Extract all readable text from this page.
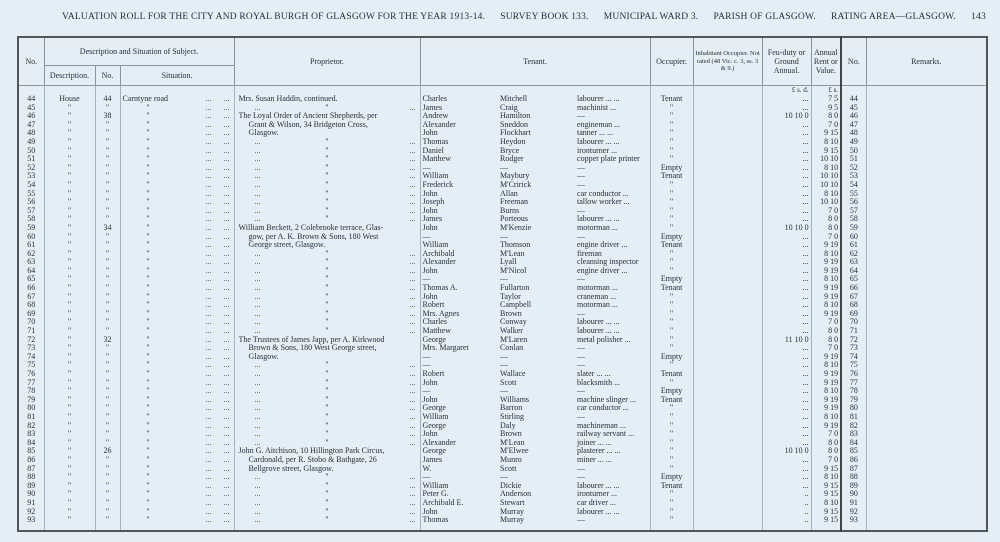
VALUATION ROLL FOR THE CITY AND ROYAL BURGH OF GLASGOW FOR THE YEAR 1913-14. SURVEY BOOK 133. MUNICIPAL WARD 3. PARISH OF GLASGOW. RATING AREA—GLASGOW. 143
No.	Description and Situation of Subject.			Proprietor.	Tenant.			Occupier.	Inhabitant Occupier. Not rated (48 Vic. c. 3, ss. 3 & 9.)	Feu-duty or Ground Annual.	Annual Rent or Value.	No.	Remarks.
	Description.	No.	Situation.										
										£ s. d.	£ s.		
44	House	44	Carntyne road ...	Mrs. Susan Haddin, continued.	Charles	Mitchell	labourer ... ...	Tenant		...	7 5	44	
45	"	"	" ...	... " ...	James	Craig	machinist ...	"		...	9 5	45	
46	"	38	" ...	The Loyal Order of Ancient Shepherds, per	Andrew	Hamilton	—	"		10 10 0	8 0	46	
47	"	"	" ...	Grant & Wilson, 34 Bridgeton Cross,	Alexander	Sneddon	engineman ...	"		...	7 0	47	
48	"	"	" ...	Glasgow.	John	Flockhart	tanner ... ...	"		...	9 15	48	
49	"	"	" ...	... " ...	Thomas	Heydon	labourer ... ...	"		...	8 10	49	
50	"	"	" ...	... " ...	Daniel	Bryce	ironturner ...	"		...	9 15	50	
51	"	"	" ...	... " ...	Matthew	Rodger	copper plate printer	"		...	10 10	51	
52	"	"	" ...	... " ...	—	—	—	Empty		...	8 10	52	
53	"	"	" ...	... " ...	William	Maybury	—	Tenant		...	10 10	53	
54	"	"	" ...	... " ...	Frederick	M'Cririck	—	"		...	10 10	54	
55	"	"	" ...	... " ...	John	Allan	car conductor ...	"		...	8 10	55	
56	"	"	" ...	... " ...	Joseph	Freeman	tallow worker ...	"		...	10 10	56	
57	"	"	" ...	... " ...	John	Burns	—	"		...	7 0	57	
58	"	"	" ...	... " ...	James	Porteous	labourer ... ...	"		...	8 0	58	
59	"	34	" ...	William Beckett, 2 Colebrooke terrace, Glas-	John	M'Kenzie	motorman ...	"		10 10 0	8 0	59	
60	"	"	" ...	gow, per A. K. Brown & Sons, 180 West	—	—	—	Empty		...	7 0	60	
61	"	"	" ...	George street, Glasgow.	William	Thomson	engine driver ...	Tenant		...	9 19	61	
62	"	"	" ...	... " ...	Archibald	M'Lean	fireman	"		...	8 10	62	
63	"	"	" ...	... " ...	Alexander	Lyall	cleansing inspector	"		...	9 19	63	
64	"	"	" ...	... " ...	John	M'Nicol	engine driver ...	"		...	9 19	64	
65	"	"	" ...	... " ...	—	—	—	Empty		...	8 10	65	
66	"	"	" ...	... " ...	Thomas A.	Fullarton	motorman ...	Tenant		...	9 19	66	
67	"	"	" ...	... " ...	John	Taylor	craneman ...	"		...	9 19	67	
68	"	"	" ...	... " ...	Robert	Campbell	motorman ...	"		...	8 10	68	
69	"	"	" ...	... " ...	Mrs. Agnes	Brown	—	"		...	9 19	69	
70	"	"	" ...	... " ...	Charles	Conway	labourer ... ...	"		...	7 0	70	
71	"	"	" ...	... " ...	Matthew	Walker	labourer ... ...	"		...	8 0	71	
72	"	32	" ...	The Trustees of James Japp, per A. Kirkwood	George	M'Laren	metal polisher ...	"		11 10 0	8 0	72	
73	"	"	" ...	Brown & Sons, 180 West George street,	Mrs. Margaret	Conlan	—	"		...	7 0	73	
74	"	"	" ...	Glasgow.	—	—	—	Empty		...	9 19	74	
75	"	"	" ...	... " ...	—	—	—	"		...	8 10	75	
76	"	"	" ...	... " ...	Robert	Wallace	slater ... ...	Tenant		...	9 19	76	
77	"	"	" ...	... " ...	John	Scott	blacksmith ...	"		...	9 19	77	
78	"	"	" ...	... " ...	—	—	—	Empty		...	8 10	78	
79	"	"	" ...	... " ...	John	Williams	machine slinger ...	Tenant		...	9 19	79	
80	"	"	" ...	... " ...	George	Barron	car conductor ...	"		...	9 19	80	
81	"	"	" ...	... " ...	William	Stirling	—	"		...	8 10	81	
82	"	"	" ...	... " ...	George	Daly	machineman ...	"		...	9 19	82	
83	"	"	" ...	... " ...	John	Brown	railway servant ...	"		...	7 0	83	
84	"	"	" ...	... " ...	Alexander	M'Lean	joiner ... ...	"		...	8 0	84	
85	"	26	" ...	John G. Aitchison, 10 Hillington Park Circus,	George	M'Elwee	plasterer ... ...	"		10 10 0	8 0	85	
86	"	"	" ...	Cardonald, per R. Stobo & Bathgate, 26	James	Munro	miner ... ...	"		...	7 0	86	
87	"	"	" ...	Bellgrove street, Glasgow.	W.	Scott	—	"		...	9 15	87	
88	"	"	" ...	... " ...	—	—	—	Empty		...	8 10	88	
89	"	"	" ...	... " ...	William	Dickie	labourer ... ...	Tenant		...	9 15	89	
90	"	"	" ...	... " ...	Peter G.	Anderson	ironturner ...	"		..	9 15	90	
91	"	"	" ...	... " ...	Archibald E.	Stewart	car driver ...	"		..	8 10	91	
92	"	"	" ...	... " ...	John	Murray	labourer ... ...	"		..	9 15	92	
93	"	"	" ...	... " ...	Thomas	Murray	—	"		..	9 15	93	
